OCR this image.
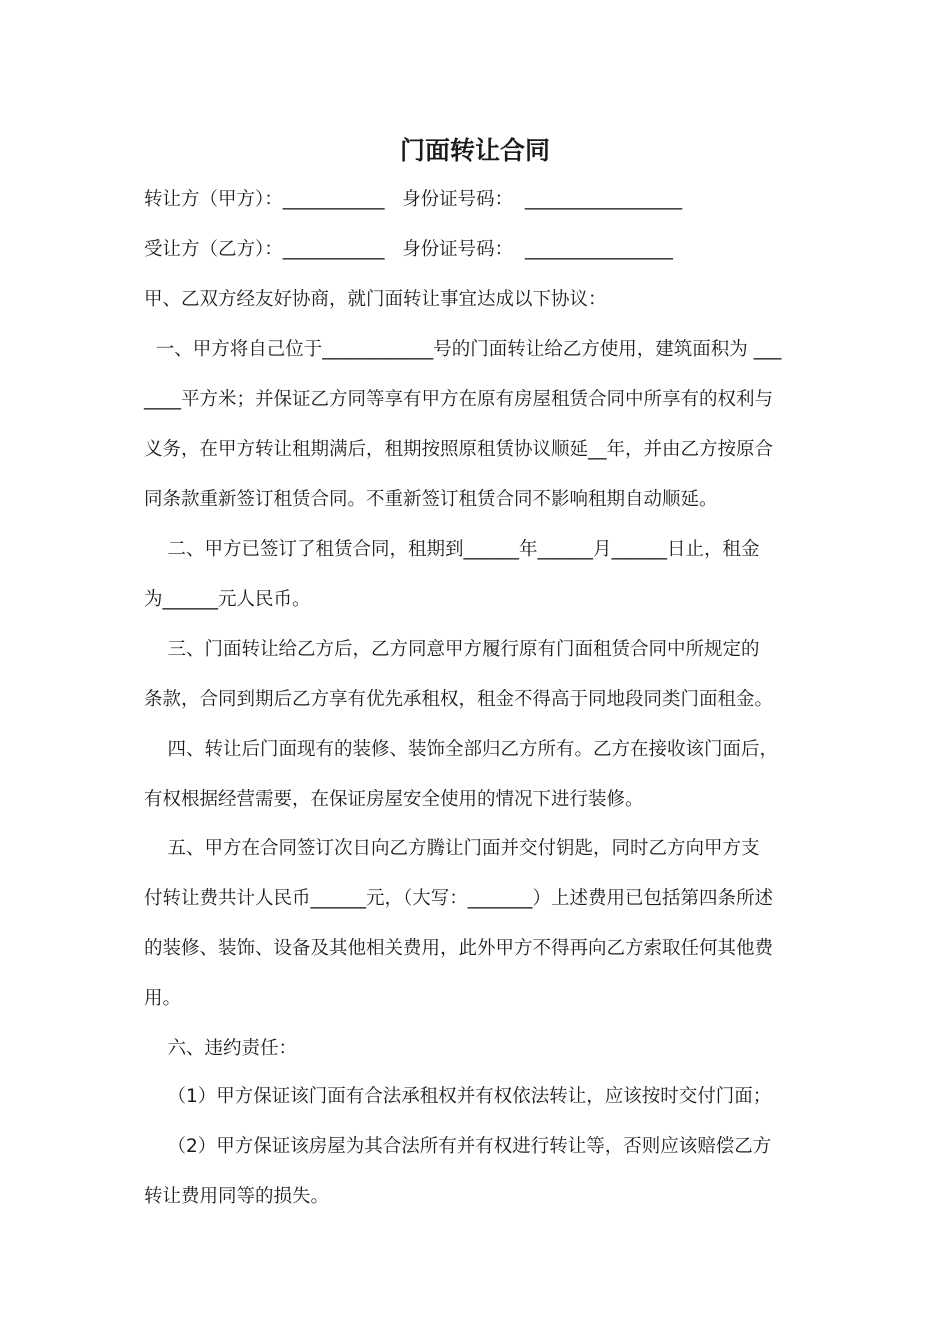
门面转让合同
转让方（甲方）：___________   身份证号码：  _________________
受让方（乙方）：___________   身份证号码：  ________________
甲、乙双方经友好协商，就门面转让事宜达成以下协议：
一、甲方将自己位于____________号的门面转让给乙方使用，建筑面积为 ___
____平方米；并保证乙方同等享有甲方在原有房屋租赁合同中所享有的权利与
义务，在甲方转让租期满后，租期按照原租赁协议顺延__年，并由乙方按原合
同条款重新签订租赁合同。不重新签订租赁合同不影响租期自动顺延。
二、甲方已签订了租赁合同，租期到______年______月______日止，租金
为______元人民币。
三、门面转让给乙方后，乙方同意甲方履行原有门面租赁合同中所规定的
条款，合同到期后乙方享有优先承租权，租金不得高于同地段同类门面租金。
四、转让后门面现有的装修、装饰全部归乙方所有。乙方在接收该门面后，
有权根据经营需要，在保证房屋安全使用的情况下进行装修。
五、甲方在合同签订次日向乙方腾让门面并交付钥匙，同时乙方向甲方支
付转让费共计人民币______元，（大写：_______）上述费用已包括第四条所述
的装修、装饰、设备及其他相关费用，此外甲方不得再向乙方索取任何其他费
用。
六、违约责任：
（1）甲方保证该门面有合法承租权并有权依法转让，应该按时交付门面；
（2）甲方保证该房屋为其合法所有并有权进行转让等，否则应该赔偿乙方
转让费用同等的损失。
